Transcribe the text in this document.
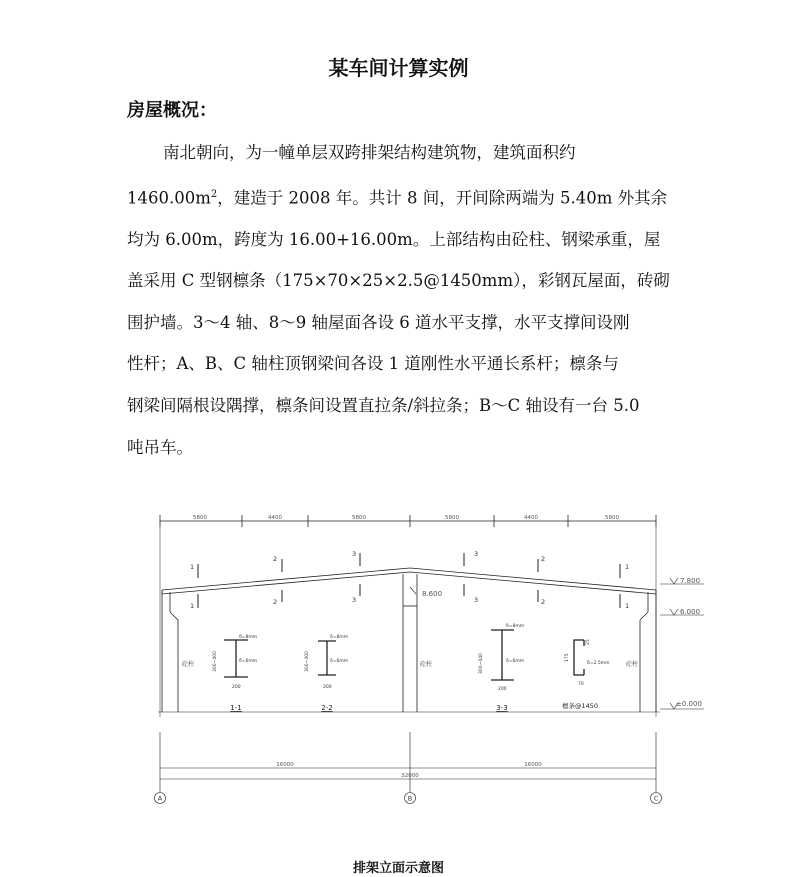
某车间计算实例
房屋概况：
南北朝向，为一幢单层双跨排架结构建筑物，建筑面积约
$1460.00m^2$，建造于 2008 年。共计 8 间，开间除两端为 5.40m 外其余
均为 6.00m，跨度为 16.00+16.00m。上部结构由砼柱、钢梁承重，屋
盖采用 C 型钢檩条（175×70×25×2.5@1450mm），彩钢瓦屋面，砖砌
围护墙。3～4 轴、8～9 轴屋面各设 6 道水平支撑，水平支撑间设刚
性杆；A、B、C 轴柱顶钢梁间各设 1 道刚性水平通长系杆；檩条与
钢梁间隔根设隅撑，檩条间设置直拉条/斜拉条；B～C 轴设有一台 5.0
吨吊车。
5800	4400	5800	5800	4400	5800
1
1
2
2
3
3
3
3
2
2
1
1
7.800
6.000
±0.000
8.600
砼柱	砼柱	砼柱
δ=8mm
δ=6mm
300~400
200
1-1
δ=8mm
δ=6mm
300~300
200
2-2
δ=8mm
δ=6mm
300~440
200
3-3
175
25
70
δ=2.5mm
檩条@1450
16000	16000
32000
A	B	C
排架立面示意图
